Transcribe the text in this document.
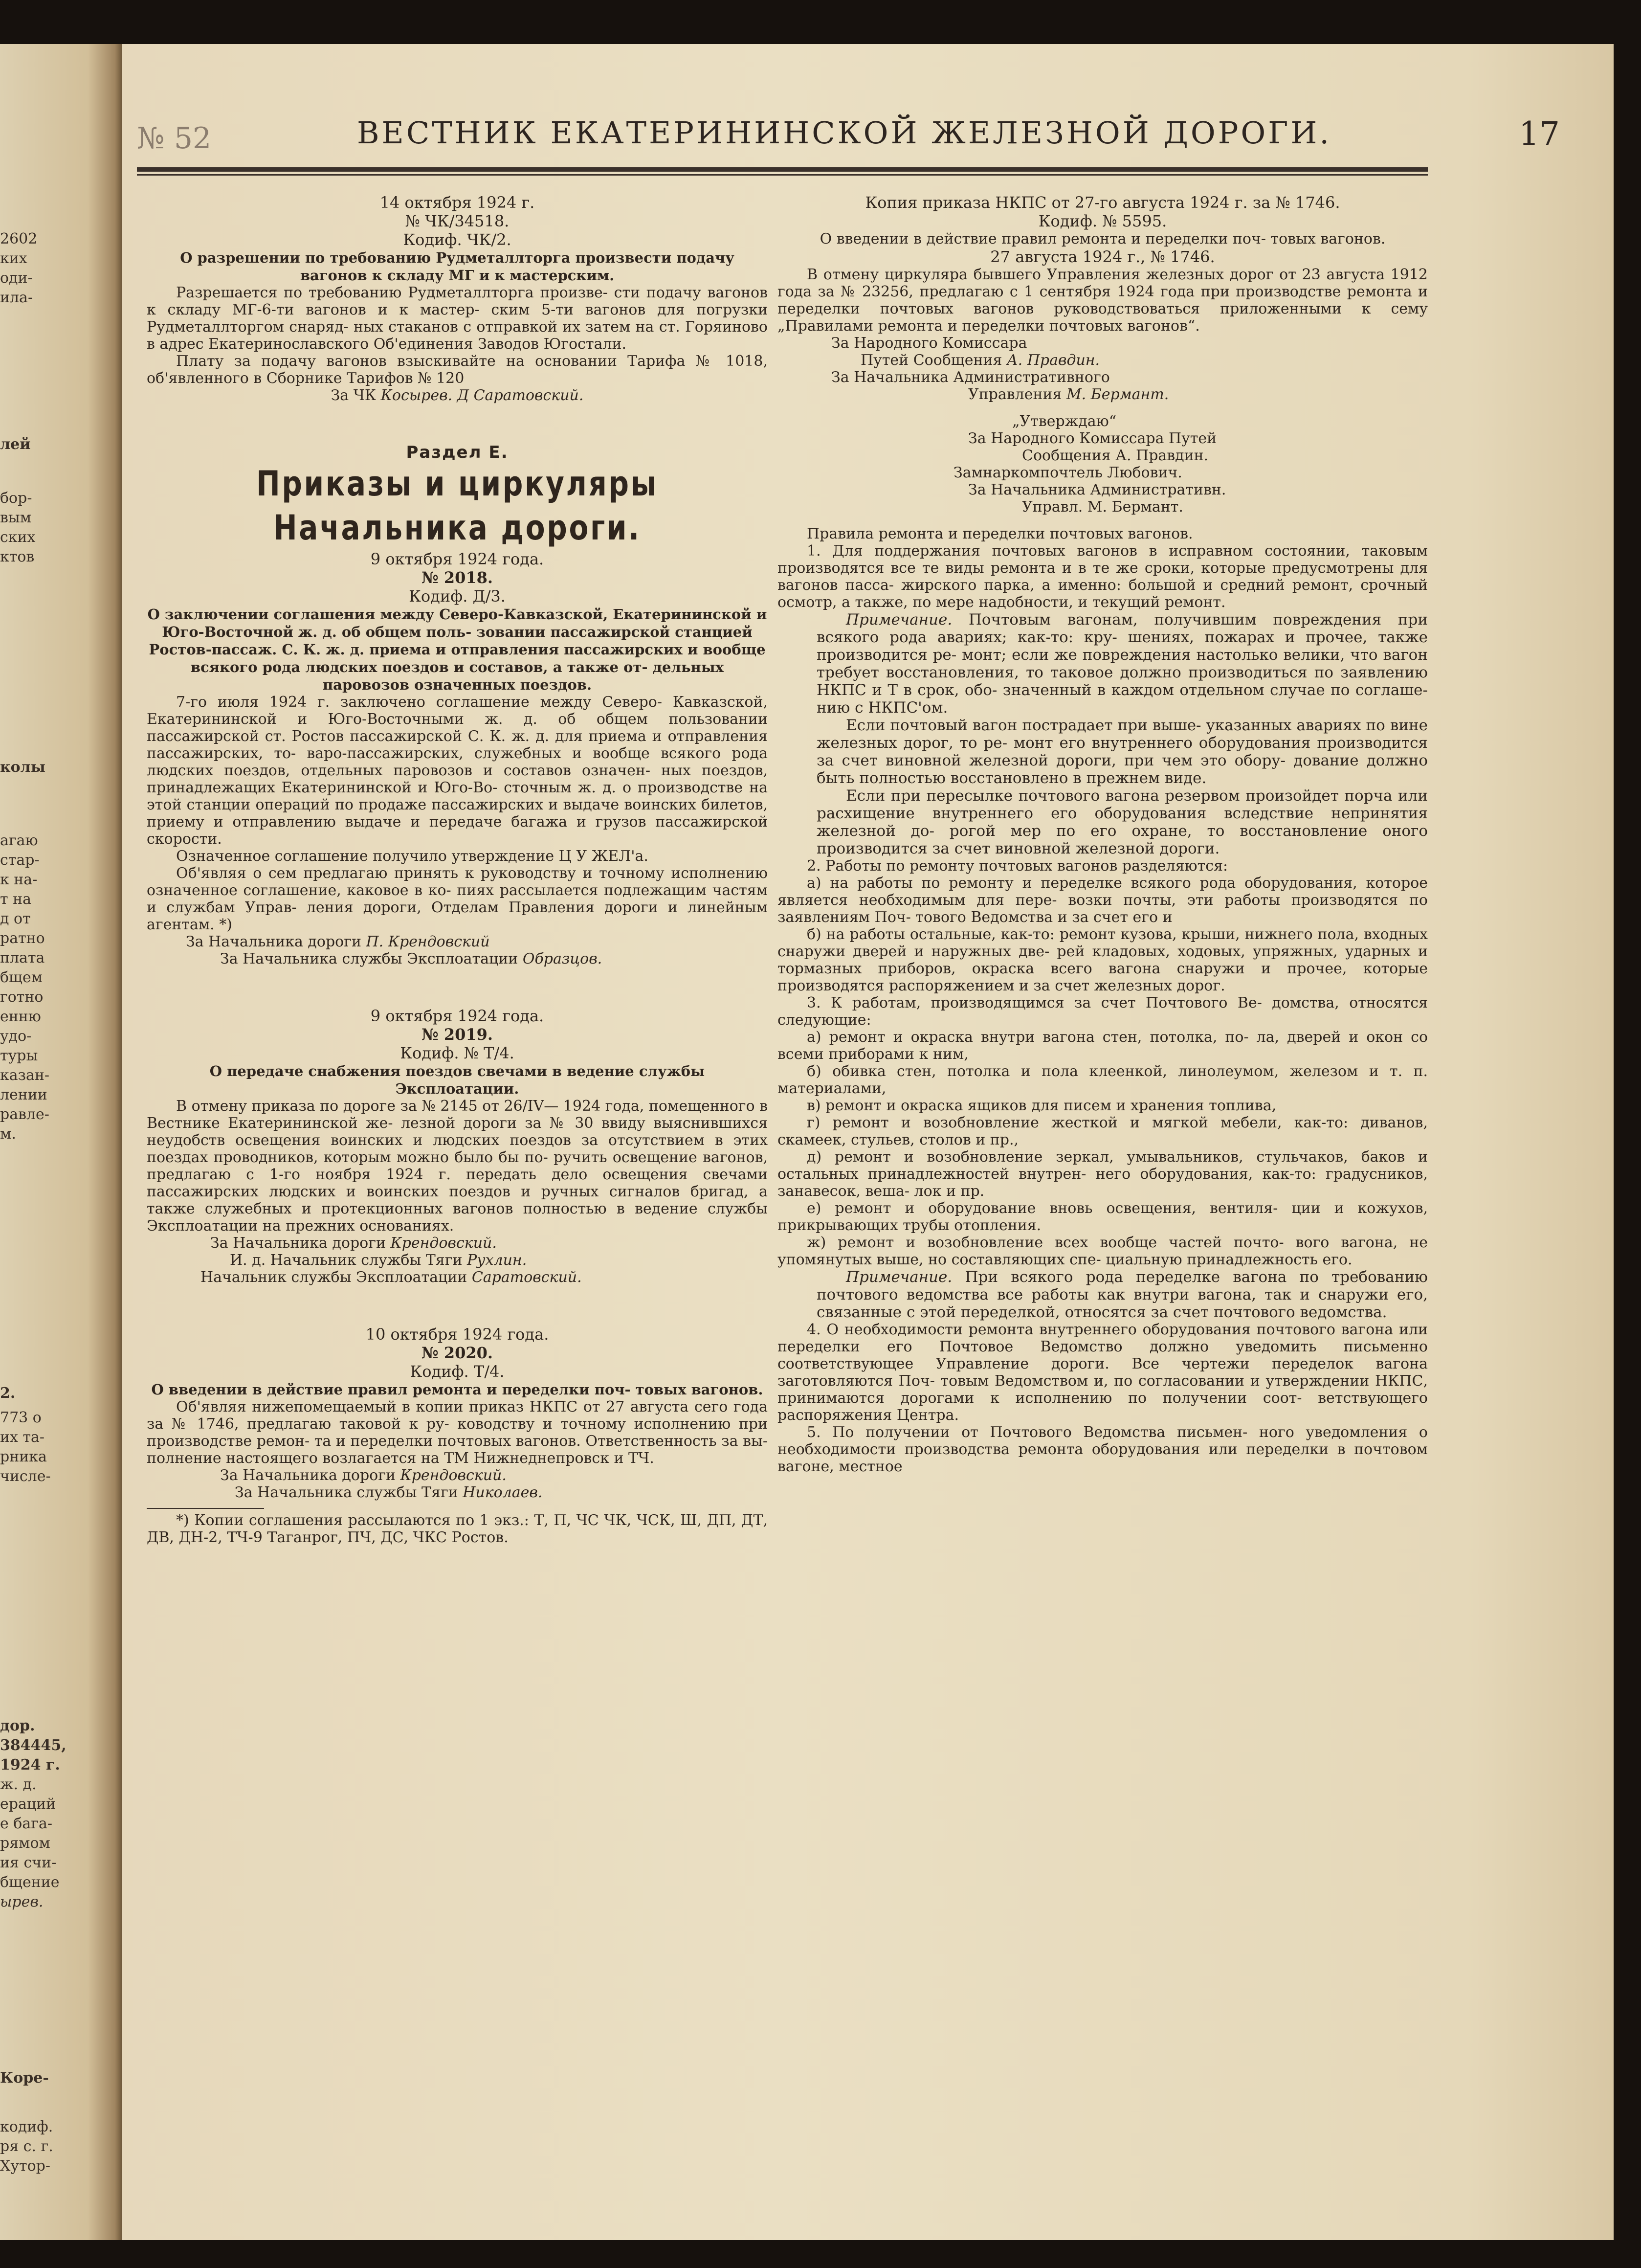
2602
ких
оди-
ила-
лей
бор-
вым
ских
ктов
колы
агаю
стар-
к на-
т на
д от
ратно
плата
бщем
готно
енню
удо-
туры
казан-
лении
равле-
м.
2.
773 о
их та-
рника
числе-
дор.
384445,
1924 г.
ж. д.
ераций
е бага-
рямом
ия счи-
бщение
ырев.
Коре-
кодиф.
ря с. г.
Хутор-
№ 52	ВЕСТНИК ЕКАТЕРИНИНСКОЙ ЖЕЛЕЗНОЙ ДОРОГИ.	17

14 октября 1924 г.

№ ЧК/34518.

Кодиф. ЧК/2.

О разрешении по требованию Рудметаллторга произвести подачу вагонов к складу МГ и к мастерским.

Разрешается по требованию Рудметаллторга произве- сти подачу вагонов к складу МГ-6-ти вагонов и к мастер- ским 5-ти вагонов для погрузки Рудметаллторгом снаряд- ных стаканов с отправкой их затем на ст. Горяиново в адрес Екатеринославского Об'единения Заводов Югостали.

Плату за подачу вагонов взыскивайте на основании Тарифа № 1018, об'явленного в Сборнике Тарифов № 120

За ЧК Косырев. Д Саратовский.

Раздел Е.

Приказы и циркуляры Начальника дороги.

9 октября 1924 года.

№ 2018.

Кодиф. Д/3.

О заключении соглашения между Северо-Кавказской, Екатерининской и Юго-Восточной ж. д. об общем поль- зовании пассажирской станцией Ростов-пассаж. С. К. ж. д. приема и отправления пассажирских и вообще всякого рода людских поездов и составов, а также от- дельных паровозов означенных поездов.

7-го июля 1924 г. заключено соглашение между Северо- Кавказской, Екатерининской и Юго-Восточными ж. д. об общем пользовании пассажирской ст. Ростов пассажирской С. К. ж. д. для приема и отправления пассажирских, то- варо-пассажирских, служебных и вообще всякого рода людских поездов, отдельных паровозов и составов означен- ных поездов, принадлежащих Екатерининской и Юго-Во- сточным ж. д. о производстве на этой станции операций по продаже пассажирских и выдаче воинских билетов, приему и отправлению выдаче и передаче багажа и грузов пассажирской скорости.

Означенное соглашение получило утверждение Ц У ЖЕЛ'а.

Об'являя о сем предлагаю принять к руководству и точному исполнению означенное соглашение, каковое в ко- пиях рассылается подлежащим частям и службам Управ- ления дороги, Отделам Правления дороги и линейным агентам. *)

За Начальника дороги П. Крендовский

За Начальника службы Эксплоатации Образцов.

9 октября 1924 года.

№ 2019.

Кодиф. № Т/4.

О передаче снабжения поездов свечами в ведение службы Эксплоатации.

В отмену приказа по дороге за № 2145 от 26/IV— 1924 года, помещенного в Вестнике Екатерининской же- лезной дороги за № 30 ввиду выяснившихся неудобств освещения воинских и людских поездов за отсутствием в этих поездах проводников, которым можно было бы по- ручить освещение вагонов, предлагаю с 1-го ноября 1924 г. передать дело освещения свечами пассажирских людских и воинских поездов и ручных сигналов бригад, а также служебных и протекционных вагонов полностью в ведение службы Эксплоатации на прежних основаниях.

За Начальника дороги Крендовский.

И. д. Начальник службы Тяги Рухлин.

Начальник службы Эксплоатации Саратовский.

10 октября 1924 года.

№ 2020.

Кодиф. Т/4.

О введении в действие правил ремонта и переделки поч- товых вагонов.

Об'являя нижепомещаемый в копии приказ НКПС от 27 августа сего года за № 1746, предлагаю таковой к ру- ководству и точному исполнению при производстве ремон- та и переделки почтовых вагонов. Ответственность за вы- полнение настоящего возлагается на ТМ Нижнеднепровск и ТЧ.

За Начальника дороги Крендовский.

За Начальника службы Тяги Николаев.

*) Копии соглашения рассылаются по 1 экз.: Т, П, ЧС ЧК, ЧСК, Ш, ДП, ДТ, ДВ, ДН-2, ТЧ-9 Таганрог, ПЧ, ДС, ЧКС Ростов.

Копия приказа НКПС от 27-го августа 1924 г. за № 1746.

Кодиф. № 5595.

О введении в действие правил ремонта и переделки поч- товых вагонов.

27 августа 1924 г., № 1746.

В отмену циркуляра бывшего Управления железных дорог от 23 августа 1912 года за № 23256, предлагаю с 1 сентября 1924 года при производстве ремонта и переделки почтовых вагонов руководствоваться приложенными к сему „Правилами ремонта и переделки почтовых вагонов“.

За Народного Комиссара

Путей Сообщения А. Правдин.

За Начальника Административного

Управления М. Бермант.

„Утверждаю“

За Народного Комиссара Путей

Сообщения А. Правдин.

Замнаркомпочтель Любович.

За Начальника Административн.

Управл. М. Бермант.

Правила ремонта и переделки почтовых вагонов.

1. Для поддержания почтовых вагонов в исправном состоянии, таковым производятся все те виды ремонта и в те же сроки, которые предусмотрены для вагонов пасса- жирского парка, а именно: большой и средний ремонт, срочный осмотр, а также, по мере надобности, и текущий ремонт.

Примечание. Почтовым вагонам, получившим повреждения при всякого рода авариях; как-то: кру- шениях, пожарах и прочее, также производится ре- монт; если же повреждения настолько велики, что вагон требует восстановления, то таковое должно производиться по заявлению НКПС и Т в срок, обо- значенный в каждом отдельном случае по соглаше- нию с НКПС'ом.

Если почтовый вагон пострадает при выше- указанных авариях по вине железных дорог, то ре- монт его внутреннего оборудования производится за счет виновной железной дороги, при чем это обору- дование должно быть полностью восстановлено в прежнем виде.

Если при пересылке почтового вагона резервом произойдет порча или расхищение внутреннего его оборудования вследствие непринятия железной до- рогой мер по его охране, то восстановление оного производится за счет виновной железной дороги.

2. Работы по ремонту почтовых вагонов разделяются:

а) на работы по ремонту и переделке всякого рода оборудования, которое является необходимым для пере- возки почты, эти работы производятся по заявлениям Поч- тового Ведомства и за счет его и

б) на работы остальные, как-то: ремонт кузова, крыши, нижнего пола, входных снаружи дверей и наружных две- рей кладовых, ходовых, упряжных, ударных и тормазных приборов, окраска всего вагона снаружи и прочее, которые производятся распоряжением и за счет железных дорог.

3. К работам, производящимся за счет Почтового Ве- домства, относятся следующие:

а) ремонт и окраска внутри вагона стен, потолка, по- ла, дверей и окон со всеми приборами к ним,

б) обивка стен, потолка и пола клеенкой, линолеумом, железом и т. п. материалами,

в) ремонт и окраска ящиков для писем и хранения топлива,

г) ремонт и возобновление жесткой и мягкой мебели, как-то: диванов, скамеек, стульев, столов и пр.,

д) ремонт и возобновление зеркал, умывальников, стульчаков, баков и остальных принадлежностей внутрен- него оборудования, как-то: градусников, занавесок, веша- лок и пр.

е) ремонт и оборудование вновь освещения, вентиля- ции и кожухов, прикрывающих трубы отопления.

ж) ремонт и возобновление всех вообще частей почто- вого вагона, не упомянутых выше, но составляющих спе- циальную принадлежность его.

Примечание. При всякого рода переделке вагона по требованию почтового ведомства все работы как внутри вагона, так и снаружи его, связанные с этой переделкой, относятся за счет почтового ведомства.

4. О необходимости ремонта внутреннего оборудования почтового вагона или переделки его Почтовое Ведомство должно уведомить письменно соответствующее Управление дороги. Все чертежи переделок вагона заготовляются Поч- товым Ведомством и, по согласовании и утверждении НКПС, принимаются дорогами к исполнению по получении соот- ветствующего распоряжения Центра.

5. По получении от Почтового Ведомства письмен- ного уведомления о необходимости производства ремонта оборудования или переделки в почтовом вагоне, местное
